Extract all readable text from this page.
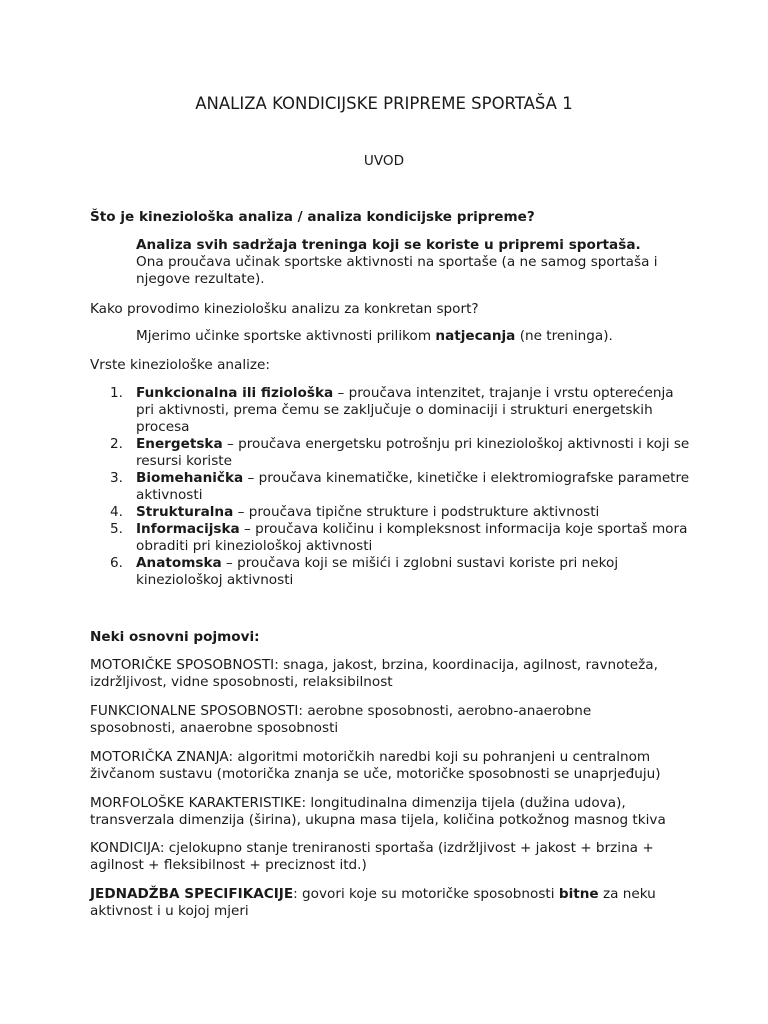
ANALIZA KONDICIJSKE PRIPREME SPORTAŠA 1
UVOD
Što je kineziološka analiza / analiza kondicijske pripreme?
Analiza svih sadržaja treninga koji se koriste u pripremi sportaša.
Ona proučava učinak sportske aktivnosti na sportaše (a ne samog sportaša i njegove rezultate).
Kako provodimo kineziološku analizu za konkretan sport?
Mjerimo učinke sportske aktivnosti prilikom natjecanja (ne treninga).
Vrste kineziološke analize:
1. Funkcionalna ili fiziološka – proučava intenzitet, trajanje i vrstu opterećenja pri aktivnosti, prema čemu se zaključuje o dominaciji i strukturi energetskih procesa
2. Energetska – proučava energetsku potrošnju pri kineziološkoj aktivnosti i koji se resursi koriste
3. Biomehanička – proučava kinematičke, kinetičke i elektromiografske parametre aktivnosti
4. Strukturalna – proučava tipične strukture i podstrukture aktivnosti
5. Informacijska – proučava količinu i kompleksnost informacija koje sportaš mora obraditi pri kineziološkoj aktivnosti
6. Anatomska – proučava koji se mišići i zglobni sustavi koriste pri nekoj kineziološkoj aktivnosti
Neki osnovni pojmovi:
MOTORIČKE SPOSOBNOSTI: snaga, jakost, brzina, koordinacija, agilnost, ravnoteža, izdržljivost, vidne sposobnosti, relaksibilnost
FUNKCIONALNE SPOSOBNOSTI: aerobne sposobnosti, aerobno-anaerobne sposobnosti, anaerobne sposobnosti
MOTORIČKA ZNANJA: algoritmi motoričkih naredbi koji su pohranjeni u centralnom živčanom sustavu (motorička znanja se uče, motoričke sposobnosti se unaprjeđuju)
MORFOLOŠKE KARAKTERISTIKE: longitudinalna dimenzija tijela (dužina udova), transverzala dimenzija (širina), ukupna masa tijela, količina potkožnog masnog tkiva
KONDICIJA: cjelokupno stanje treniranosti sportaša (izdržljivost + jakost + brzina + agilnost + fleksibilnost + preciznost itd.)
JEDNADŽBA SPECIFIKACIJE: govori koje su motoričke sposobnosti bitne za neku aktivnost i u kojoj mjeri
